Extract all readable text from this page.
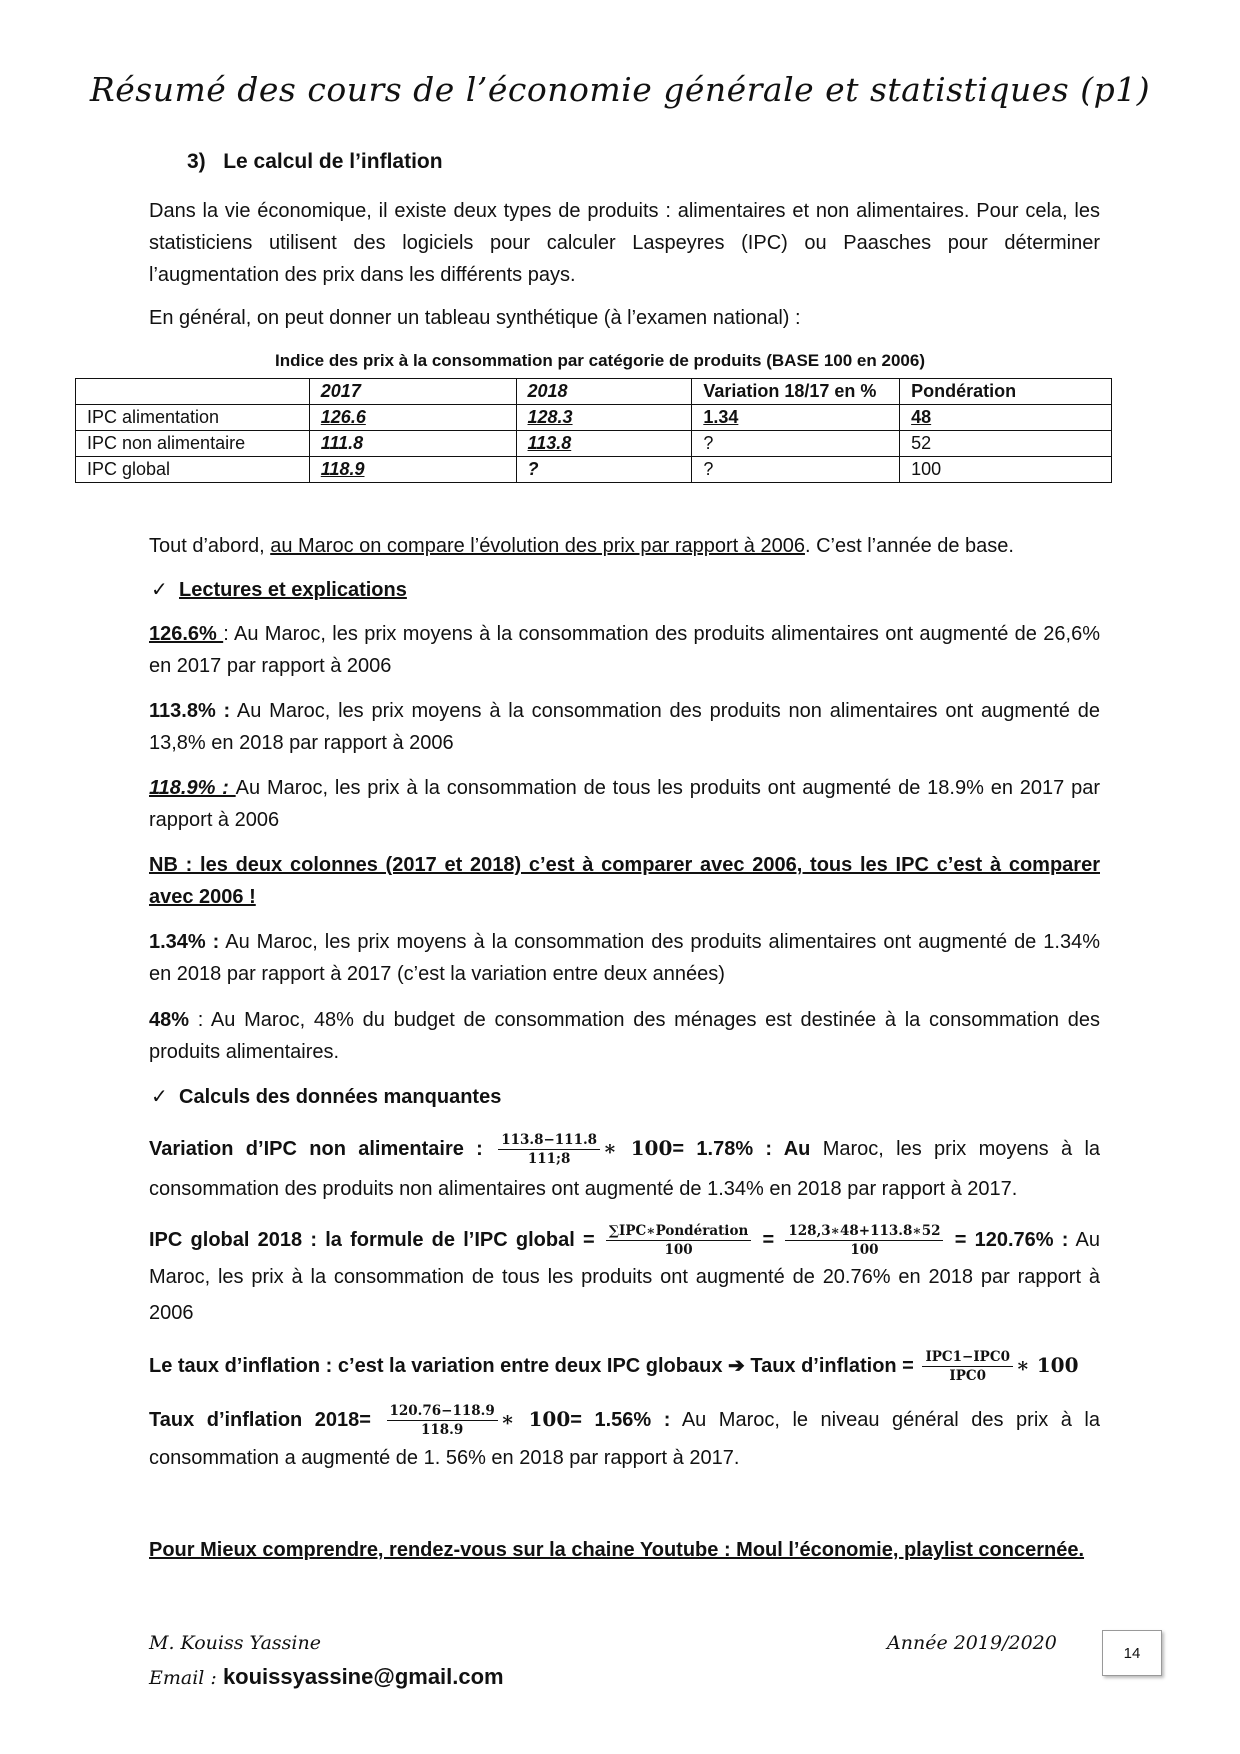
Résumé des cours de l’économie générale et statistiques (p1)
3) Le calcul de l’inflation
Dans la vie économique, il existe deux types de produits : alimentaires et non alimentaires. Pour cela, les statisticiens utilisent des logiciels pour calculer Laspeyres (IPC) ou Paasches pour déterminer l’augmentation des prix dans les différents pays.
En général, on peut donner un tableau synthétique (à l’examen national) :
Indice des prix à la consommation par catégorie de produits (BASE 100 en 2006)
	2017	2018	Variation 18/17 en %	Pondération
IPC alimentation	126.6	128.3	1.34	48
IPC non alimentaire	111.8	113.8	?	52
IPC global	118.9	?	?	100
Tout d’abord, au Maroc on compare l’évolution des prix par rapport à 2006. C’est l’année de base.
✓ Lectures et explications
126.6% : Au Maroc, les prix moyens à la consommation des produits alimentaires ont augmenté de 26,6% en 2017 par rapport à 2006
113.8% : Au Maroc, les prix moyens à la consommation des produits non alimentaires ont augmenté de 13,8% en 2018 par rapport à 2006
118.9% : Au Maroc, les prix à la consommation de tous les produits ont augmenté de 18.9% en 2017 par rapport à 2006
NB : les deux colonnes (2017 et 2018) c’est à comparer avec 2006, tous les IPC c’est à comparer avec 2006 !
1.34% : Au Maroc, les prix moyens à la consommation des produits alimentaires ont augmenté de 1.34% en 2018 par rapport à 2017 (c’est la variation entre deux années)
48% : Au Maroc, 48% du budget de consommation des ménages est destinée à la consommation des produits alimentaires.
✓ Calculs des données manquantes
Variation d’IPC non alimentaire : $\frac{113.8-111.8}{111;8}$ ∗ 100= 1.78% : Au Maroc, les prix moyens à la consommation des produits non alimentaires ont augmenté de 1.34% en 2018 par rapport à 2017.
IPC global 2018 : la formule de l’IPC global = $\frac{\text{∑IPC∗Pondération}}{100} = \frac{128,3∗48+113.8∗52}{100} = 120.76\%$ : Au Maroc, les prix à la consommation de tous les produits ont augmenté de 20.76% en 2018 par rapport à 2006
Le taux d’inflation : c’est la variation entre deux IPC globaux ➔ Taux d’inflation = $\frac{\text{IPC1−IPC0}}{\text{IPC0}}$ ∗ 100
Taux d’inflation $2018= \frac{120.76-118.9}{118.9}$ ∗ 100= 1.56% : Au Maroc, le niveau général des prix à la consommation a augmenté de 1. 56% en 2018 par rapport à 2017.
Pour Mieux comprendre, rendez-vous sur la chaine Youtube : Moul l’économie, playlist concernée.
M. Kouiss Yassine	Année 2019/2020
Email : kouissyassine@gmail.com
14
